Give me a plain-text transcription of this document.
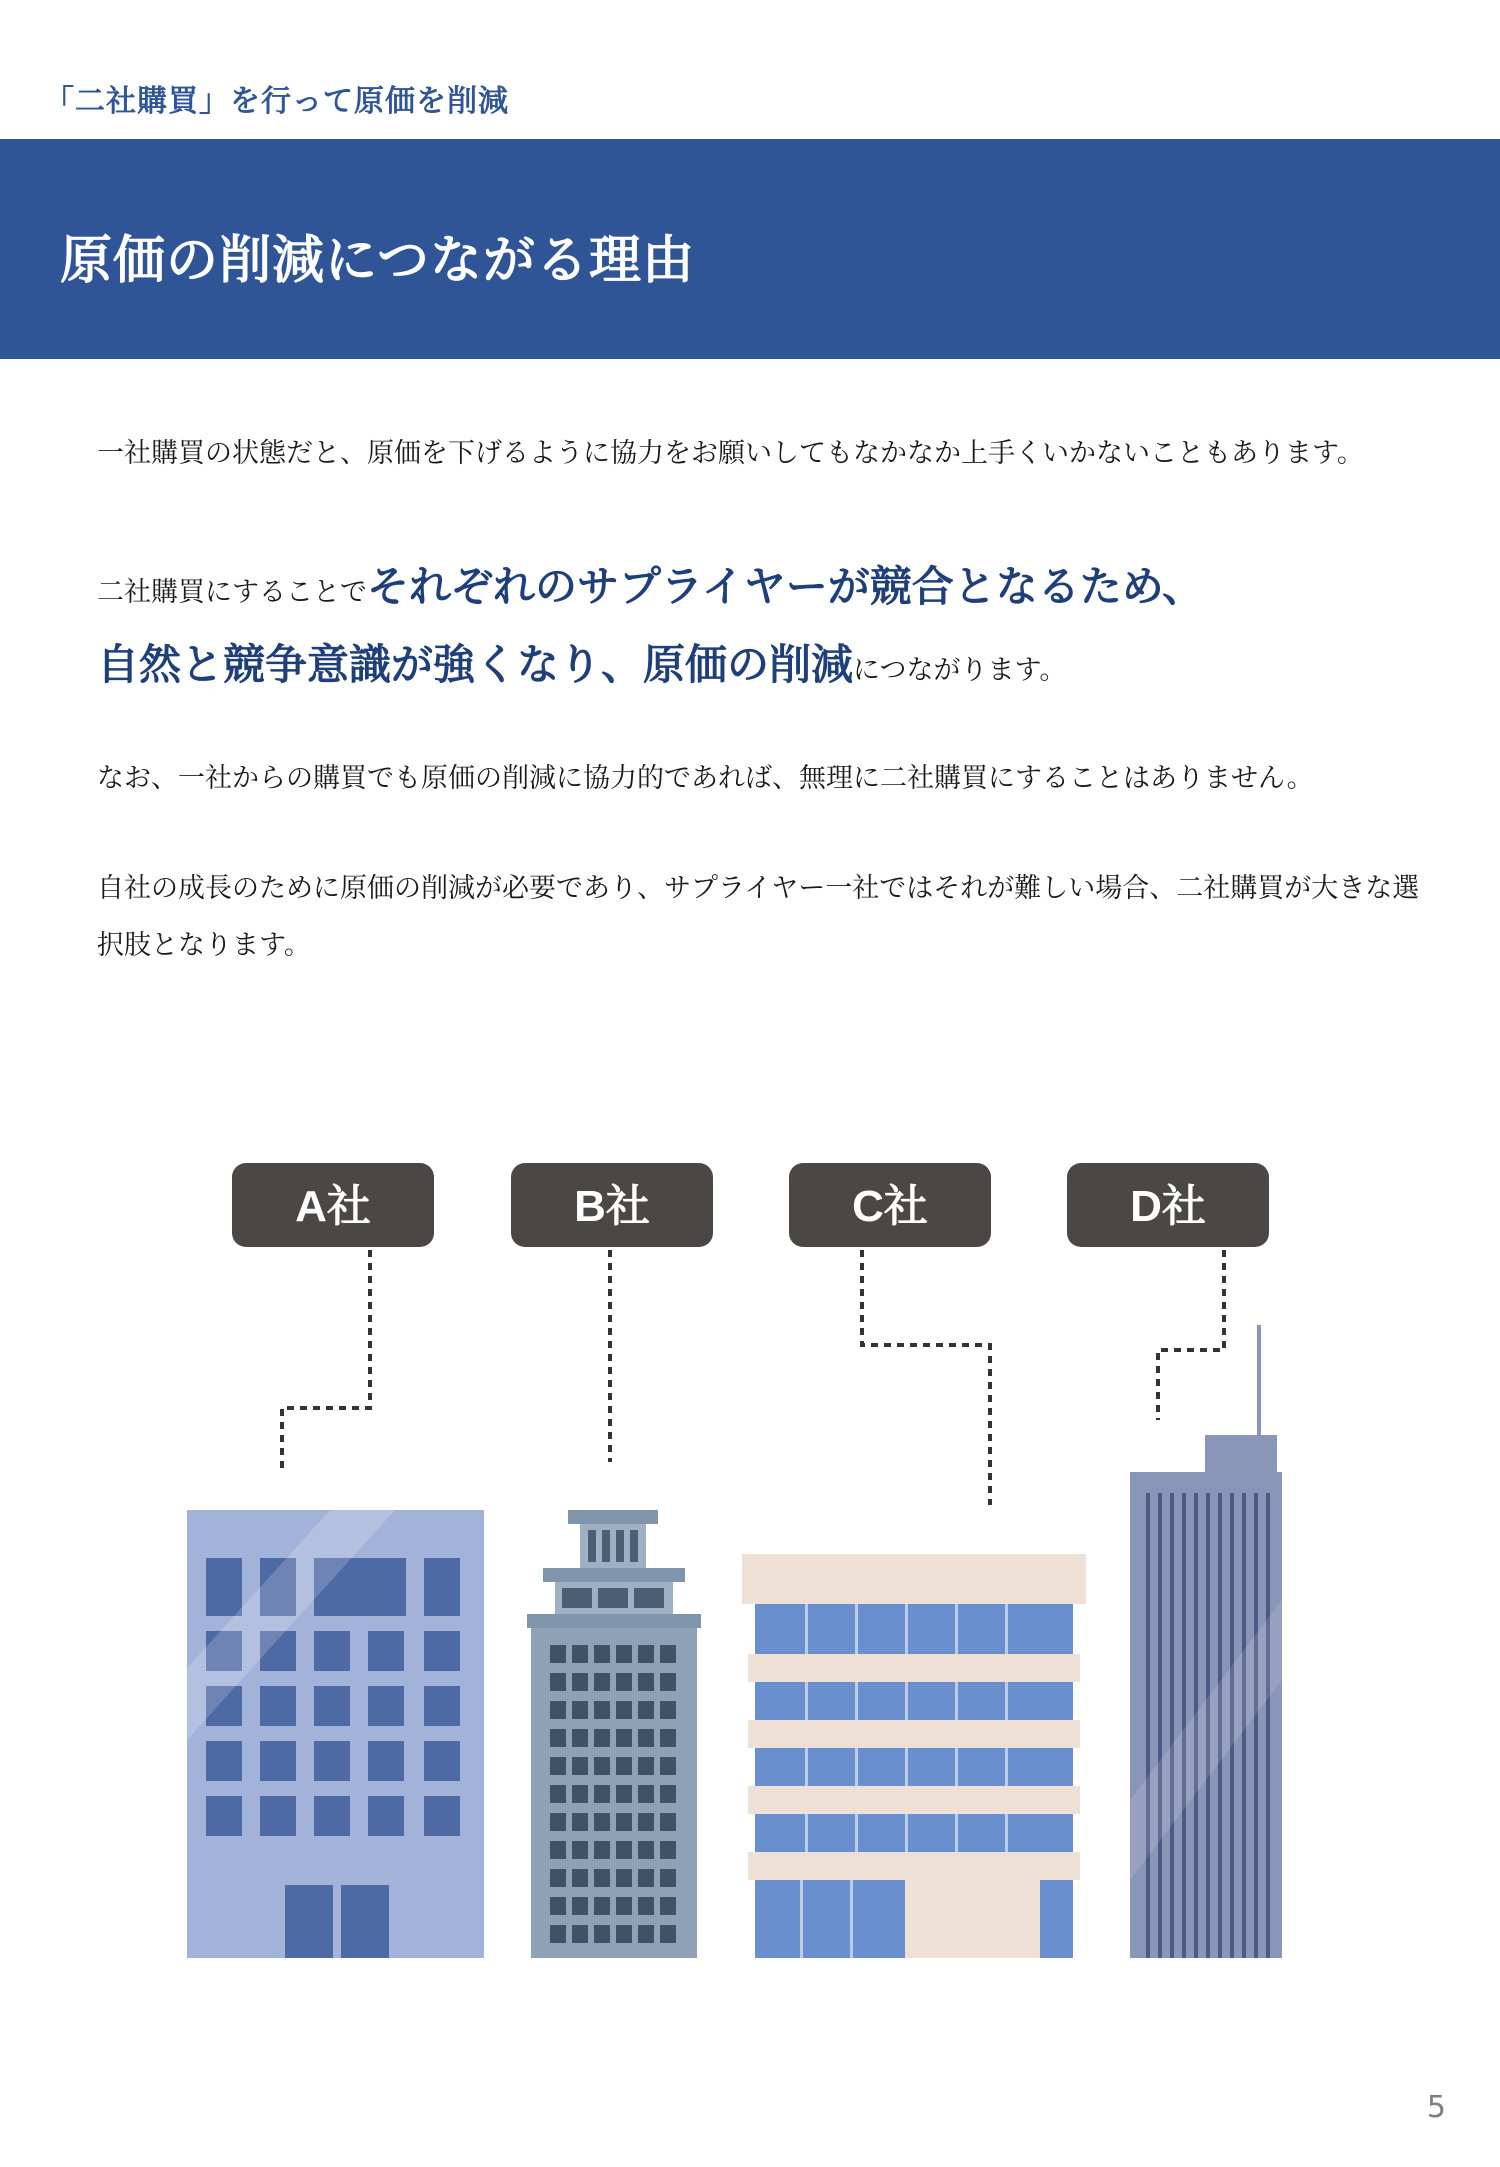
「二社購買」を行って原価を削減
原価の削減につながる理由
一社購買の状態だと、原価を下げるように協力をお願いしてもなかなか上手くいかないこともあります。
二社購買にすることでそれぞれのサプライヤーが競合となるため、
自然と競争意識が強くなり、原価の削減につながります。
なお、一社からの購買でも原価の削減に協力的であれば、無理に二社購買にすることはありません。
自社の成長のために原価の削減が必要であり、サプライヤー一社ではそれが難しい場合、二社購買が大きな選択肢となります。
A社	B社	C社	D社
5
